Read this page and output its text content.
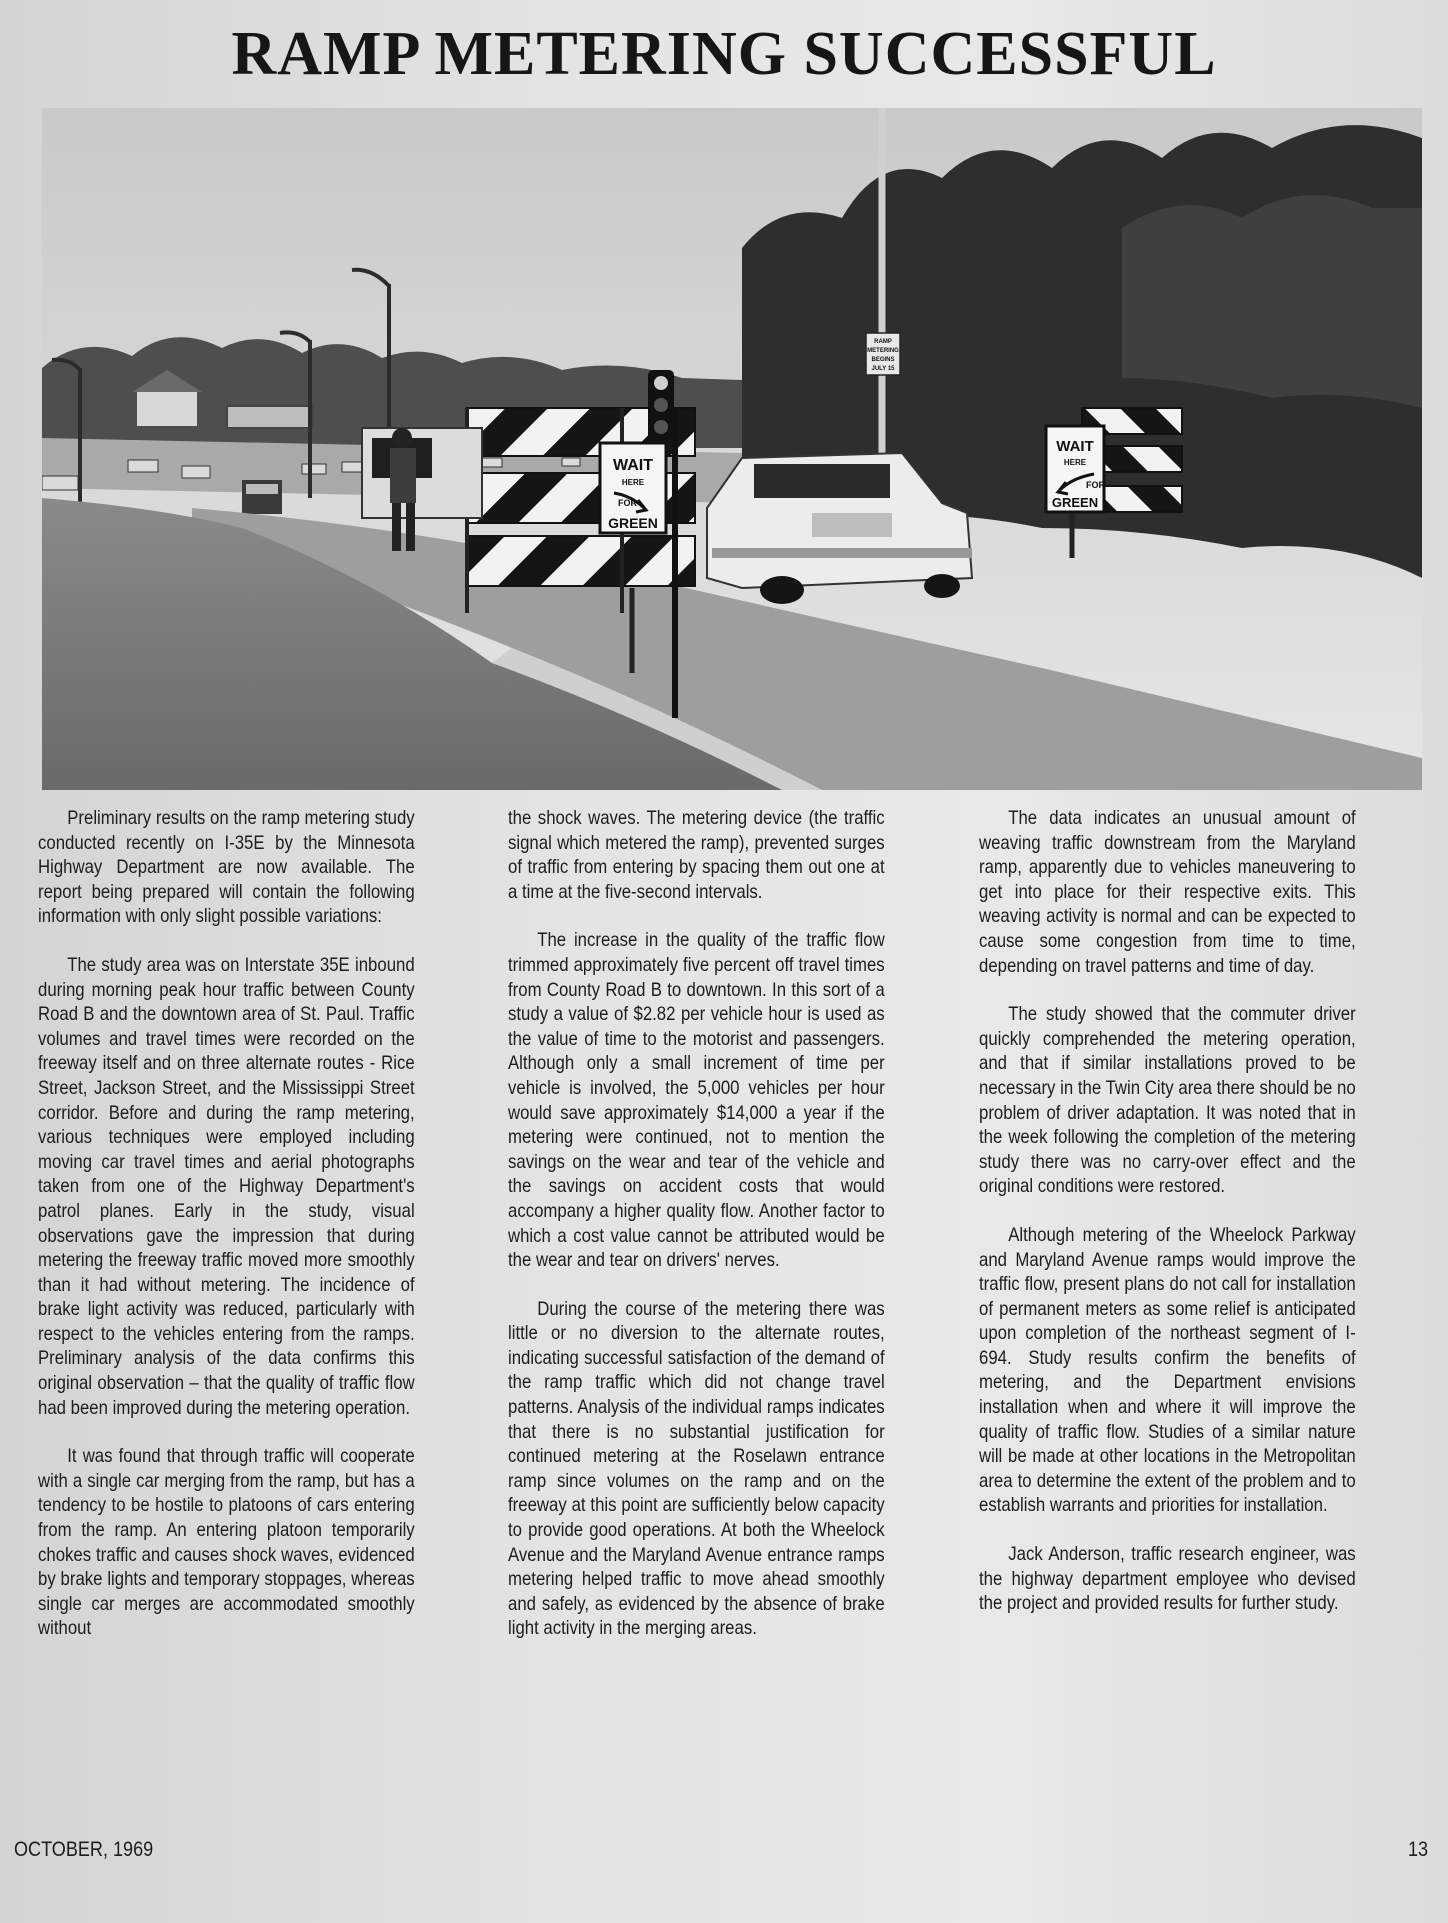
RAMP METERING SUCCESSFUL
WAIT
HERE
FOR
GREEN
WAIT
HERE
FOR
GREEN
RAMP
METERING
BEGINS
JULY 15

Preliminary results on the ramp metering study conducted recently on I-35E by the Minnesota Highway Department are now available. The report being prepared will contain the following information with only slight possible variations:

The study area was on Interstate 35E inbound during morning peak hour traffic between County Road B and the downtown area of St. Paul. Traffic volumes and travel times were recorded on the freeway itself and on three alternate routes - Rice Street, Jackson Street, and the Mississippi Street corridor. Before and during the ramp metering, various techniques were employed including moving car travel times and aerial photographs taken from one of the Highway Department's patrol planes. Early in the study, visual observations gave the impression that during metering the freeway traffic moved more smoothly than it had without metering. The incidence of brake light activity was reduced, particularly with respect to the vehicles entering from the ramps. Preliminary analysis of the data confirms this original observation – that the quality of traffic flow had been improved during the metering operation.

It was found that through traffic will cooperate with a single car merging from the ramp, but has a tendency to be hostile to platoons of cars entering from the ramp. An entering platoon temporarily chokes traffic and causes shock waves, evidenced by brake lights and temporary stoppages, whereas single car merges are accommodated smoothly without

the shock waves. The metering device (the traffic signal which metered the ramp), prevented surges of traffic from entering by spacing them out one at a time at the five-second intervals.

The increase in the quality of the traffic flow trimmed approximately five percent off travel times from County Road B to downtown. In this sort of a study a value of $2.82 per vehicle hour is used as the value of time to the motorist and passengers. Although only a small increment of time per vehicle is involved, the 5,000 vehicles per hour would save approximately $14,000 a year if the metering were continued, not to mention the savings on the wear and tear of the vehicle and the savings on accident costs that would accompany a higher quality flow. Another factor to which a cost value cannot be attributed would be the wear and tear on drivers' nerves.

During the course of the metering there was little or no diversion to the alternate routes, indicating successful satisfaction of the demand of the ramp traffic which did not change travel patterns. Analysis of the individual ramps indicates that there is no substantial justification for continued metering at the Roselawn entrance ramp since volumes on the ramp and on the freeway at this point are sufficiently below capacity to provide good operations. At both the Wheelock Avenue and the Maryland Avenue entrance ramps metering helped traffic to move ahead smoothly and safely, as evidenced by the absence of brake light activity in the merging areas.

The data indicates an unusual amount of weaving traffic downstream from the Maryland ramp, apparently due to vehicles maneuvering to get into place for their respective exits. This weaving activity is normal and can be expected to cause some congestion from time to time, depending on travel patterns and time of day.

The study showed that the commuter driver quickly comprehended the metering operation, and that if similar installations proved to be necessary in the Twin City area there should be no problem of driver adaptation. It was noted that in the week following the completion of the metering study there was no carry-over effect and the original conditions were restored.

Although metering of the Wheelock Parkway and Maryland Avenue ramps would improve the traffic flow, present plans do not call for installation of permanent meters as some relief is anticipated upon completion of the northeast segment of I-694. Study results confirm the benefits of metering, and the Department envisions installation when and where it will improve the quality of traffic flow. Studies of a similar nature will be made at other locations in the Metropolitan area to determine the extent of the problem and to establish warrants and priorities for installation.

Jack Anderson, traffic research engineer, was the highway department employee who devised the project and provided results for further study.

OCTOBER, 1969	13
